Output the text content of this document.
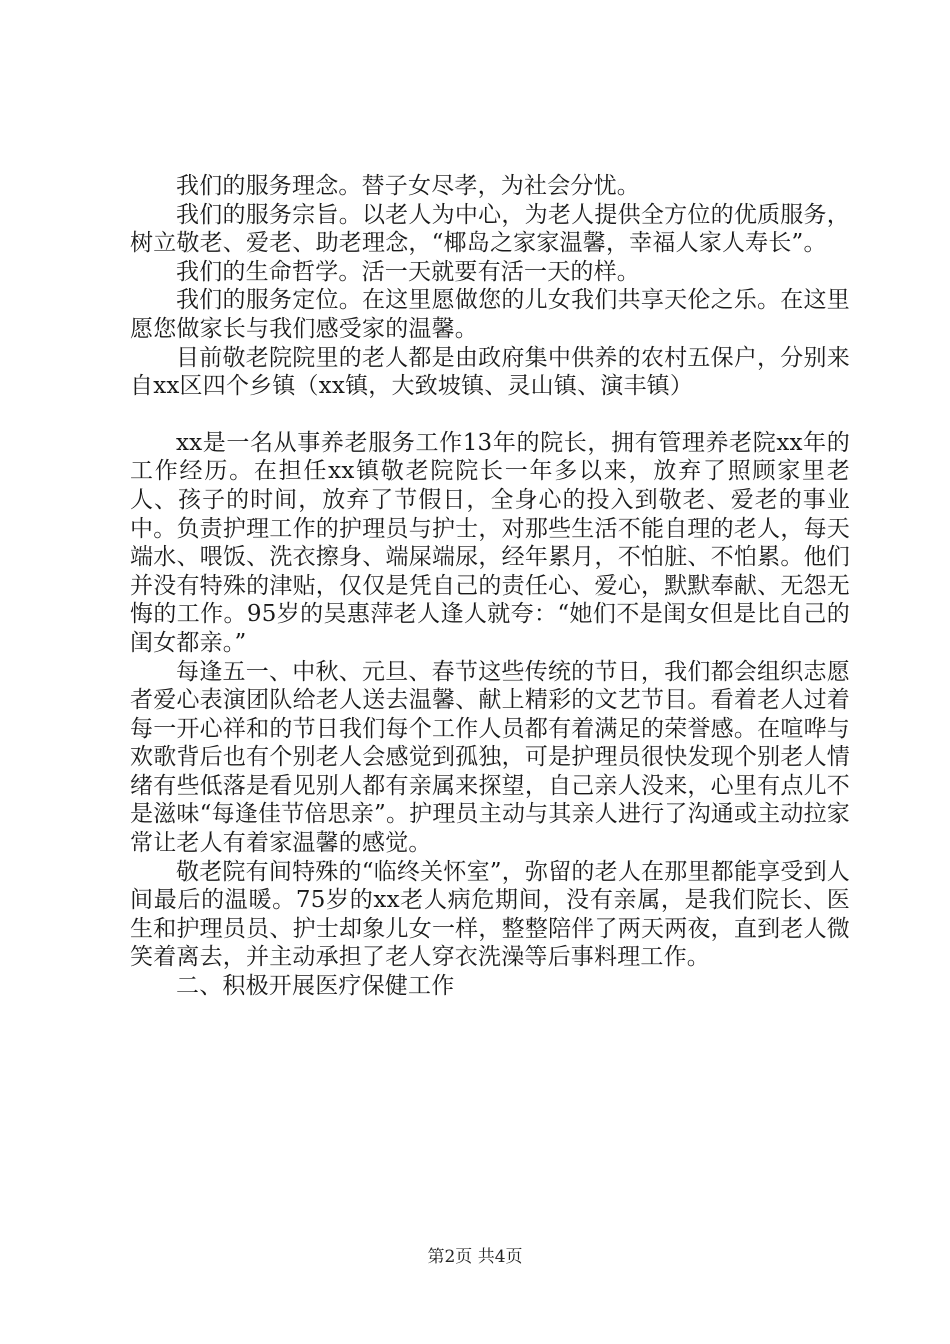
我们的服务理念。替子女尽孝，为社会分忧。

我们的服务宗旨。以老人为中心，为老人提供全方位的优质服务，树立敬老、爱老、助老理念，“椰岛之家家温馨，幸福人家人寿长”。

我们的生命哲学。活一天就要有活一天的样。

我们的服务定位。在这里愿做您的儿女我们共享天伦之乐。在这里愿您做家长与我们感受家的温馨。

目前敬老院院里的老人都是由政府集中供养的农村五保户，分别来自xx区四个乡镇（xx镇，大致坡镇、灵山镇、演丰镇）

xx是一名从事养老服务工作13年的院长，拥有管理养老院xx年的工作经历。在担任xx镇敬老院院长一年多以来，放弃了照顾家里老人、孩子的时间，放弃了节假日，全身心的投入到敬老、爱老的事业中。负责护理工作的护理员与护士，对那些生活不能自理的老人，每天端水、喂饭、洗衣擦身、端屎端尿，经年累月，不怕脏、不怕累。他们并没有特殊的津贴，仅仅是凭自己的责任心、爱心，默默奉献、无怨无悔的工作。95岁的吴惠萍老人逢人就夸：“她们不是闺女但是比自己的闺女都亲。”

每逢五一、中秋、元旦、春节这些传统的节日，我们都会组织志愿者爱心表演团队给老人送去温馨、献上精彩的文艺节目。看着老人过着每一开心祥和的节日我们每个工作人员都有着满足的荣誉感。在喧哗与欢歌背后也有个别老人会感觉到孤独，可是护理员很快发现个别老人情绪有些低落是看见别人都有亲属来探望，自己亲人没来，心里有点儿不是滋味“每逢佳节倍思亲”。护理员主动与其亲人进行了沟通或主动拉家常让老人有着家温馨的感觉。

敬老院有间特殊的“临终关怀室”，弥留的老人在那里都能享受到人间最后的温暖。75岁的xx老人病危期间，没有亲属，是我们院长、医生和护理员员、护士却象儿女一样，整整陪伴了两天两夜，直到老人微笑着离去，并主动承担了老人穿衣洗澡等后事料理工作。

二、积极开展医疗保健工作

第2页 共4页
